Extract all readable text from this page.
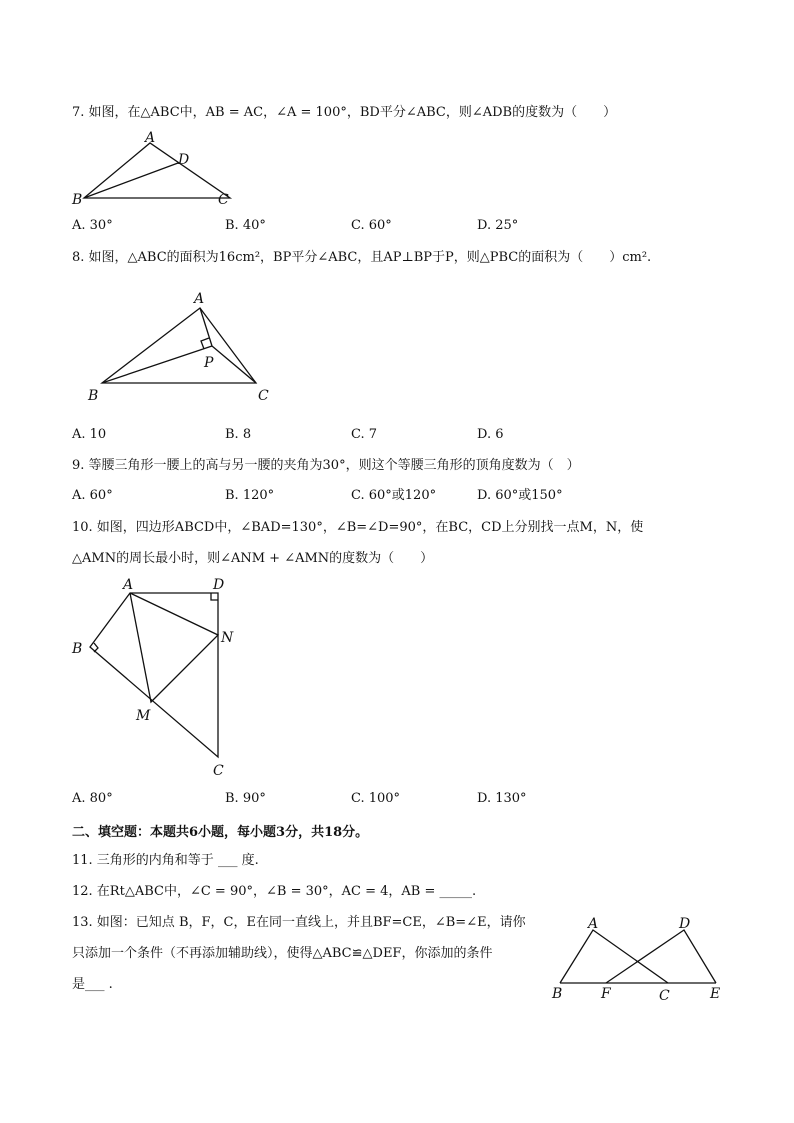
7. 如图，在△ABC中，AB = AC，∠A = 100°，BD平分∠ABC，则∠ADB的度数为（　　）
A
B	C
D
A. 30°	B. 40°	C. 60°	D. 25°
8. 如图，△ABC的面积为16cm²，BP平分∠ABC，且AP⊥BP于P，则△PBC的面积为（　　）cm².
A
B	C
P
A. 10	B. 8	C. 7	D. 6
9. 等腰三角形一腰上的高与另一腰的夹角为30°，则这个等腰三角形的顶角度数为（　）
A. 60°	B. 120°	C. 60°或120°	D. 60°或150°
10. 如图，四边形ABCD中，∠BAD=130°，∠B=∠D=90°，在BC，CD上分别找一点M，N，使
△AMN的周长最小时，则∠ANM + ∠AMN的度数为（　　）
A	D
B
N
M
C
A. 80°	B. 90°	C. 100°	D. 130°
二、填空题：本题共6小题，每小题3分，共18分。
11. 三角形的内角和等于 ___ 度.
12. 在Rt△ABC中，∠C = 90°，∠B = 30°，AC = 4，AB = _____.
13. 如图：已知点 B，F，C，E在同一直线上，并且BF=CE，∠B=∠E，请你
只添加一个条件（不再添加辅助线），使得△ABC≌△DEF，你添加的条件
是___ .
A	D
B	F	C	E
